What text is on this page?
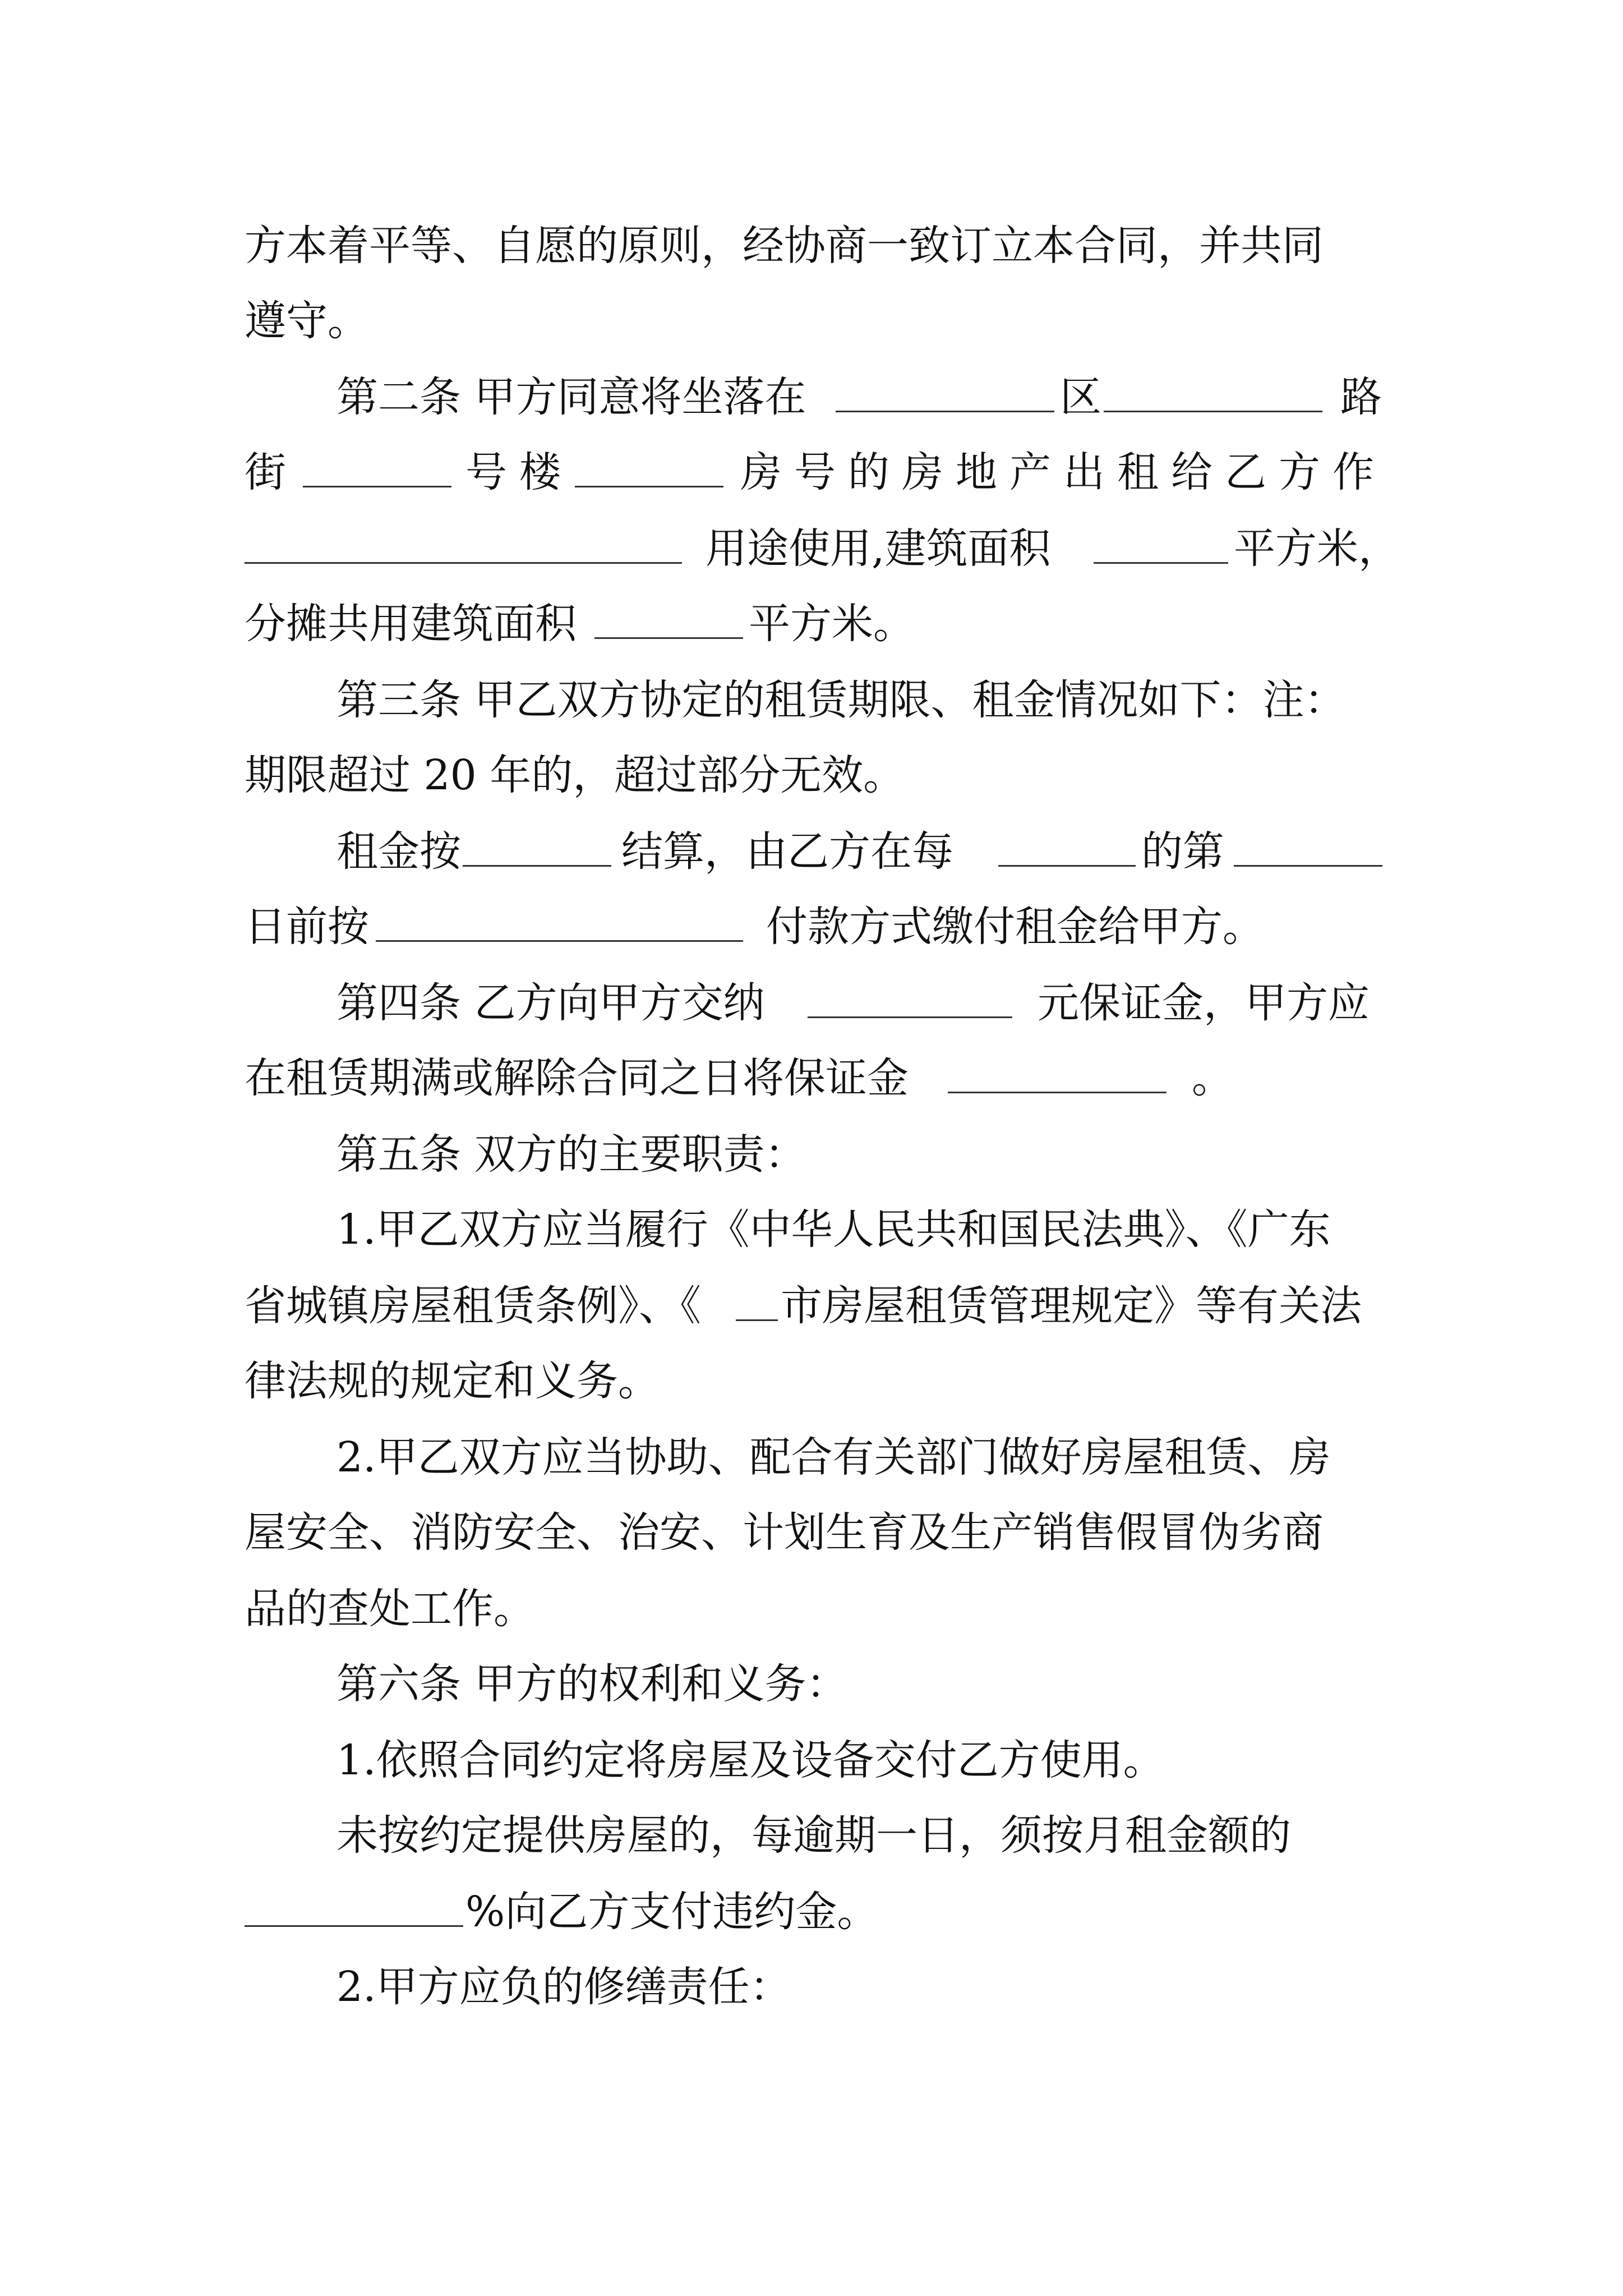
方本着平等、自愿的原则，经协商一致订立本合同，并共同
遵守。
第二条 甲方同意将坐落在	区	路
街	号楼	房号的房地产出租给乙方作
用途使用,建筑面积	平方米，
分摊共用建筑面积	平方米。
第三条 甲乙双方协定的租赁期限、租金情况如下：注：
期限超过 20 年的，超过部分无效。
租金按	结算，由乙方在每	的第
日前按	付款方式缴付租金给甲方。
第四条 乙方向甲方交纳	元保证金，甲方应
在租赁期满或解除合同之日将保证金	。
第五条 双方的主要职责：
1.甲乙双方应当履行《中华人民共和国民法典》、《广东
省城镇房屋租赁条例》、《 市房屋租赁管理规定》等有关法
律法规的规定和义务。
2.甲乙双方应当协助、配合有关部门做好房屋租赁、房
屋安全、消防安全、治安、计划生育及生产销售假冒伪劣商
品的查处工作。
第六条 甲方的权利和义务：
1.依照合同约定将房屋及设备交付乙方使用。
未按约定提供房屋的，每逾期一日，须按月租金额的
%向乙方支付违约金。
2.甲方应负的修缮责任：
